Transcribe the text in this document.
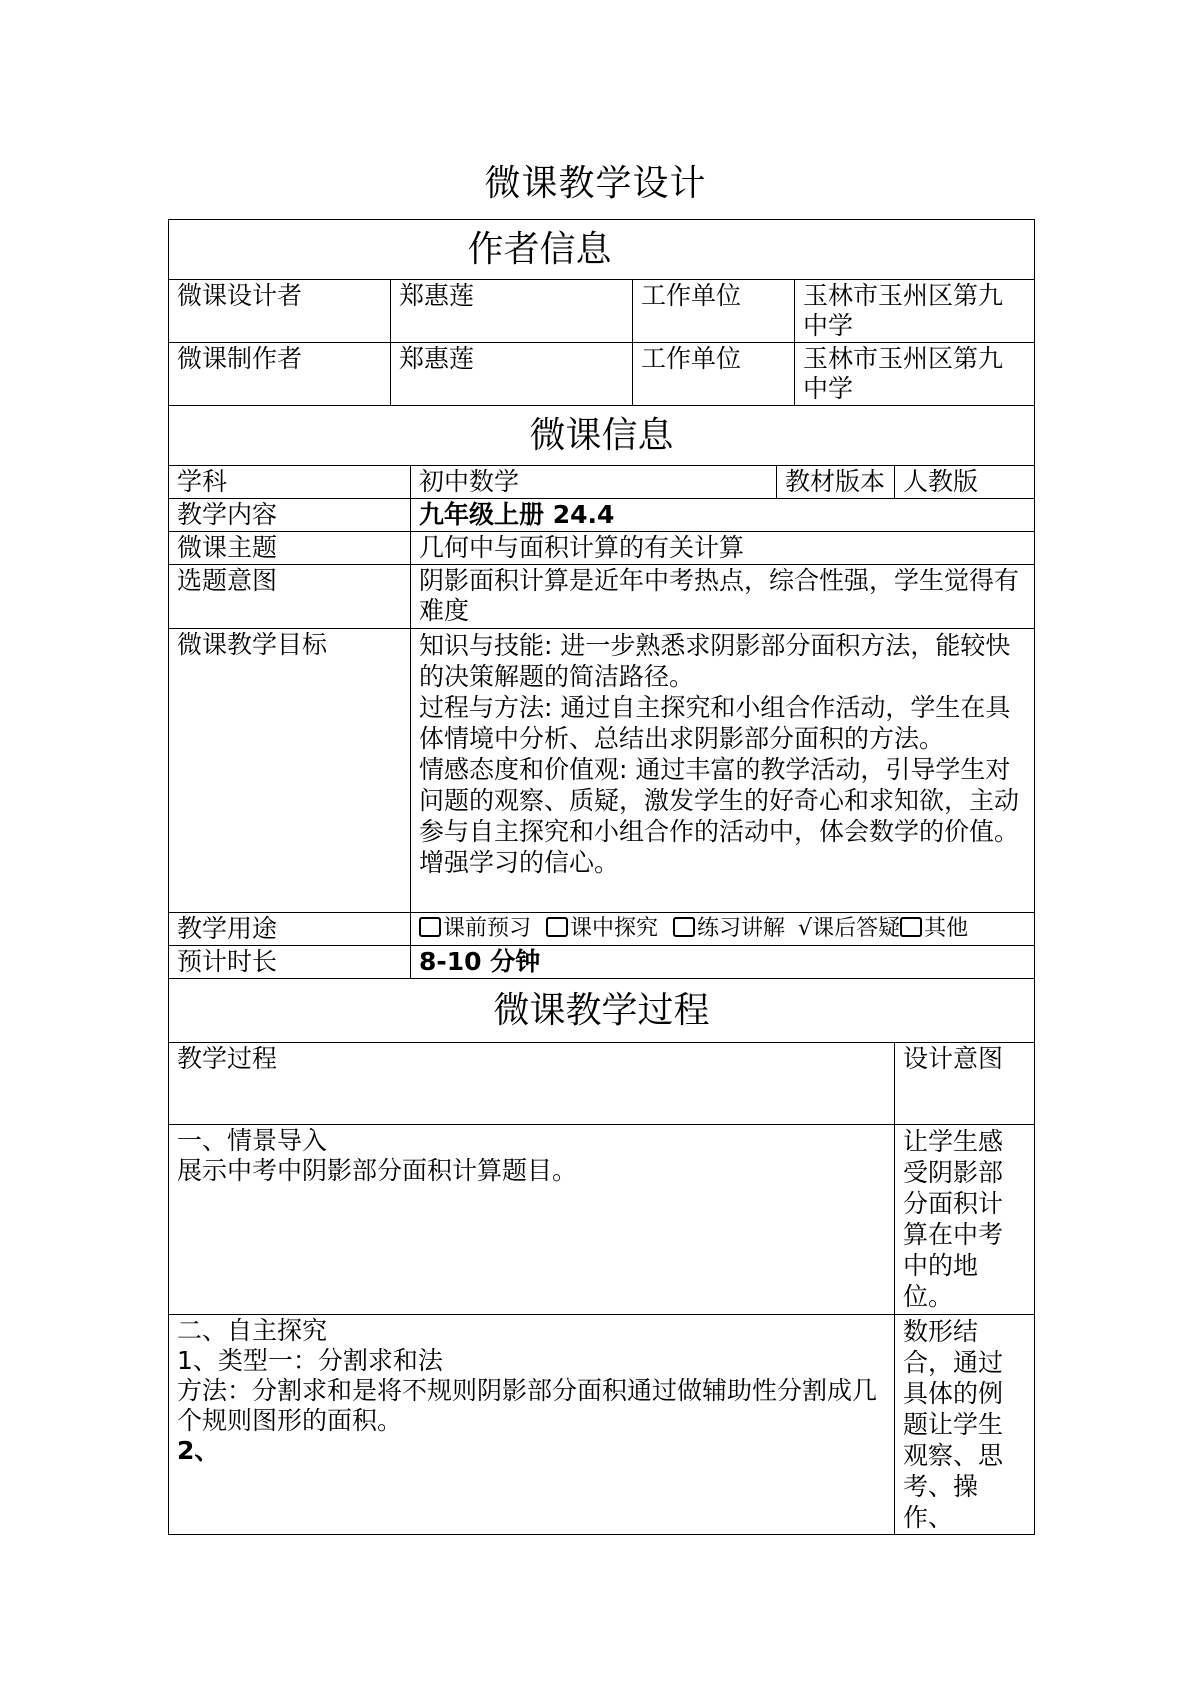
微课教学设计
作者信息						
微课设计者	郑惠莲		工作单位		玉林市玉州区第九中学	
微课制作者	郑惠莲		工作单位		玉林市玉州区第九中学	
微课信息						
学科		初中数学		教材版本		人教版
教学内容		九年级上册 24.4				
微课主题		几何中与面积计算的有关计算				
选题意图		阴影面积计算是近年中考热点，综合性强，学生觉得有难度				
微课教学目标		知识与技能: 进一步熟悉求阴影部分面积方法，能较快的决策解题的简洁路径。
过程与方法: 通过自主探究和小组合作活动，学生在具体情境中分析、总结出求阴影部分面积的方法。
情感态度和价值观: 通过丰富的教学活动，引导学生对问题的观察、质疑，激发学生的好奇心和求知欲，主动参与自主探究和小组合作的活动中，体会数学的价值。增强学习的信心。				

教学用途		课前预习 课中探究 练习讲解 √课后答疑 其他				
预计时长		8-10 分钟				
微课教学过程						
教学过程						设计意图

一、情景导入
展示中考中阴影部分面积计算题目。						让学生感受阴影部分面积计算在中考中的地位。

二、自主探究
1、类型一：分割求和法
方法：分割求和是将不规则阴影部分面积通过做辅助性分割成几个规则图形的面积。
2、						数形结合，通过具体的例题让学生观察、思考、操作、
